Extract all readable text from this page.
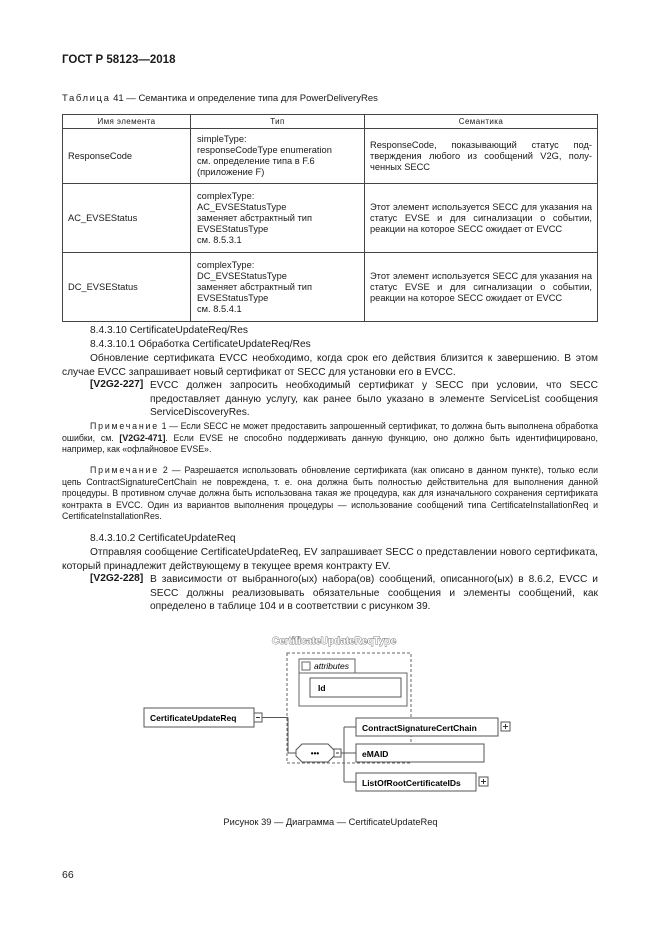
ГОСТ Р 58123—2018
Таблица 41 — Семантика и определение типа для PowerDeliveryRes
Имя элемента	Тип	Семантика
ResponseCode	simpleType:
responseCodeType enumeration
см. определение типа в F.6
(приложение F)	ResponseCode, показывающий статус подтверждения любого из сообщений V2G, полученных SECC
AC_EVSEStatus	complexType:
AC_EVSEStatusType
заменяет абстрактный тип
EVSEStatusType
см. 8.5.3.1	Этот элемент используется SECC для указания на статус EVSE и для сигнализации о событии, реакции на которое SECC ожидает от EVCC
DC_EVSEStatus	complexType:
DC_EVSEStatusType
заменяет абстрактный тип
EVSEStatusType
см. 8.5.4.1	Этот элемент используется SECC для указания на статус EVSE и для сигнализации о событии, реакции на которое SECC ожидает от EVCC
8.4.3.10 CertificateUpdateReq/Res
8.4.3.10.1 Обработка CertificateUpdateReq/Res
Обновление сертификата EVCC необходимо, когда срок его действия близится к завершению. В этом случае EVCC запрашивает новый сертификат от SECC для установки его в EVCC.
[V2G2-227] EVCC должен запросить необходимый сертификат у SECC при условии, что SECC предоставляет данную услугу, как ранее было указано в элементе ServiceList сообщения ServiceDiscoveryRes.
Примечание 1 — Если SECC не может предоставить запрошенный сертификат, то должна быть выполнена обработка ошибки, см. [V2G2-471]. Если EVSE не способно поддерживать данную функцию, оно должно быть идентифицировано, например, как «офлайновое EVSE».
Примечание 2 — Разрешается использовать обновление сертификата (как описано в данном пункте), только если цепь ContractSignatureCertChain не повреждена, т. е. она должна быть полностью действительна для выполнения данной процедуры. В противном случае должна быть использована такая же процедура, как для изначального сохранения сертификата контракта в EVCC. Один из вариантов выполнения процедуры — использование сообщений типа CertificateInstallationReq и CertificateInstallationRes.
8.4.3.10.2 CertificateUpdateReq
Отправляя сообщение CertificateUpdateReq, EV запрашивает SECC о представлении нового сертификата, который принадлежит действующему в текущее время контракту EV.
[V2G2-228] В зависимости от выбранного(ых) набора(ов) сообщений, описанного(ых) в 8.6.2, EVCC и SECC должны реализовывать обязательные сообщения и элементы сообщений, как определено в таблице 104 и в соответствии с рисунком 39.
CertificateUpdateReqType
attributes
Id
CertificateUpdateReq
•••
ContractSignatureCertChain
eMAID
ListOfRootCertificateIDs
Рисунок 39 — Диаграмма — CertificateUpdateReq
66
